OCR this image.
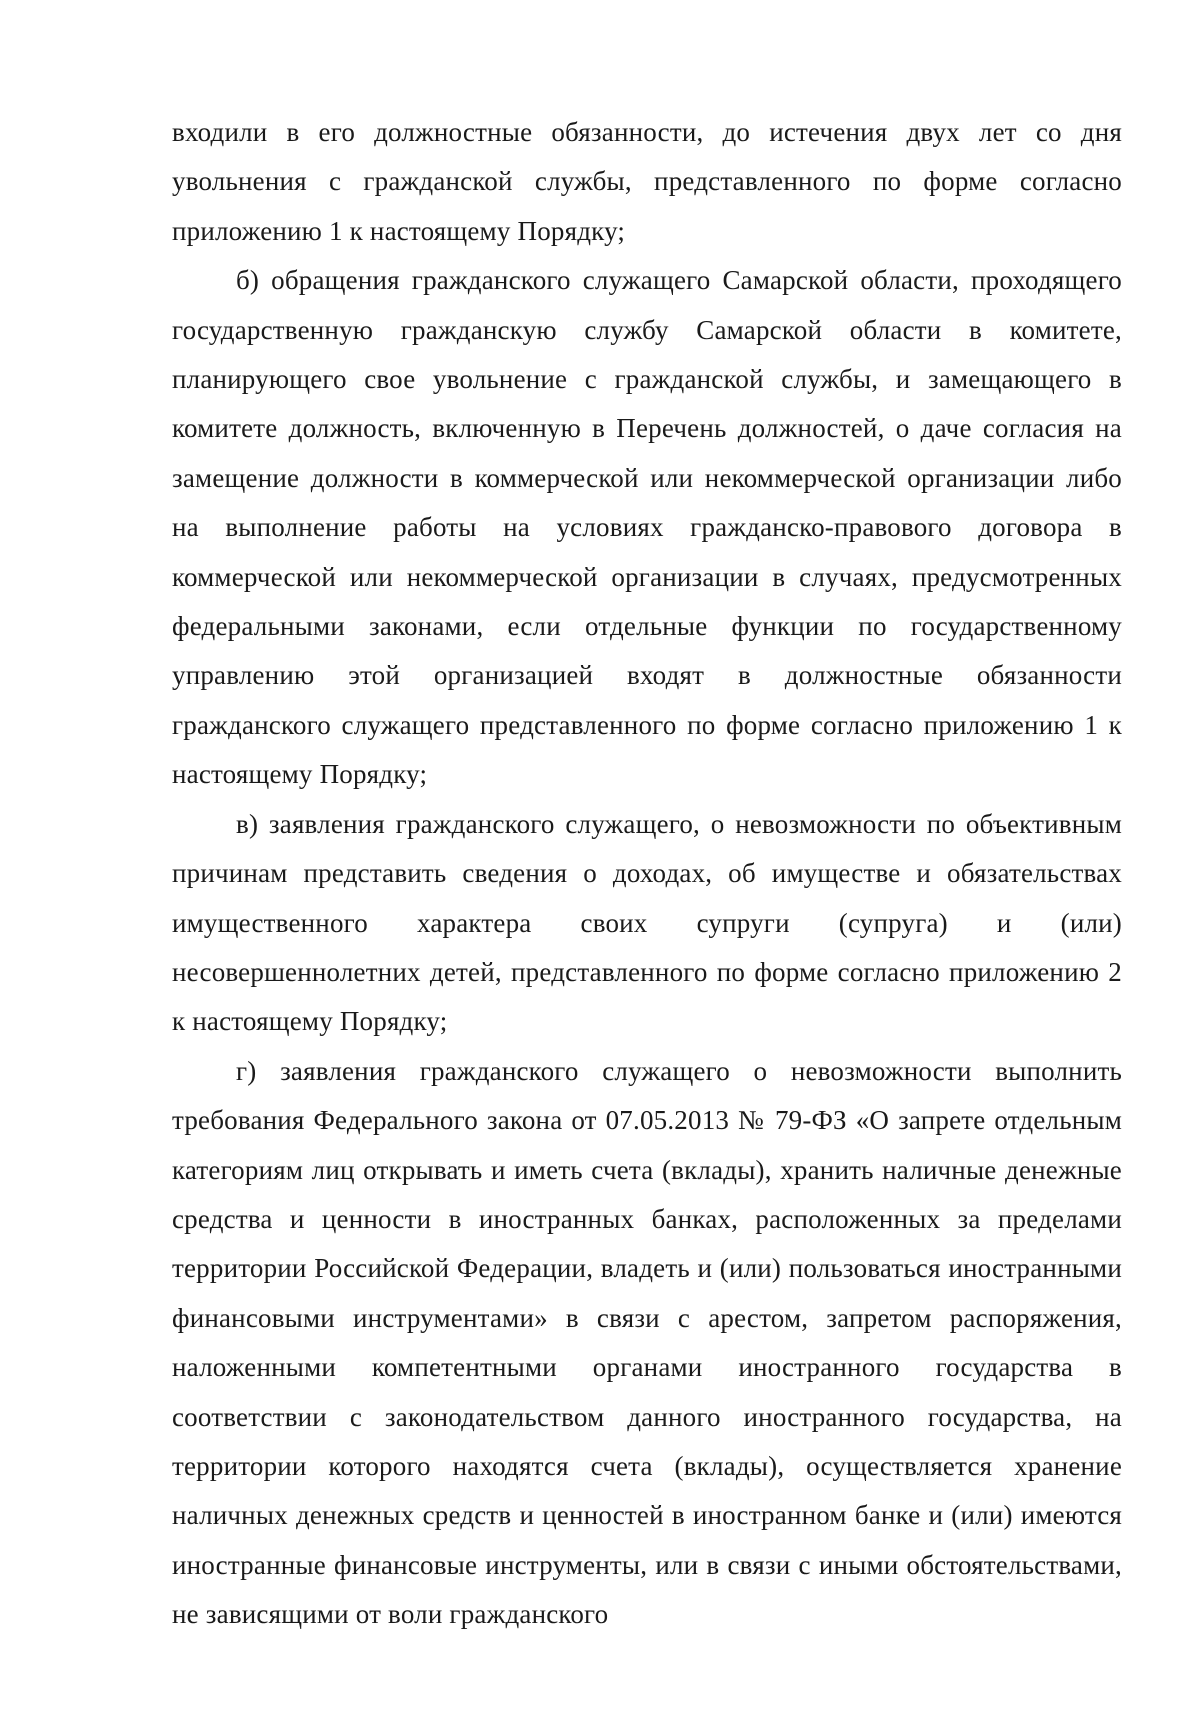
входили в его должностные обязанности, до истечения двух лет со дня увольнения с гражданской службы, представленного по форме согласно приложению 1 к настоящему Порядку;

б) обращения гражданского служащего Самарской области, проходящего государственную гражданскую службу Самарской области в комитете, планирующего свое увольнение с гражданской службы, и замещающего в комитете должность, включенную в Перечень должностей, о даче согласия на замещение должности в коммерческой или некоммерческой организации либо на выполнение работы на условиях гражданско-правового договора в коммерческой или некоммерческой организации в случаях, предусмотренных федеральными законами, если отдельные функции по государственному управлению этой организацией входят в должностные обязанности гражданского служащего представленного по форме согласно приложению 1 к настоящему Порядку;

в) заявления гражданского служащего, о невозможности по объективным причинам представить сведения о доходах, об имуществе и обязательствах имущественного характера своих супруги (супруга) и (или) несовершеннолетних детей, представленного по форме согласно приложению 2 к настоящему Порядку;

г) заявления гражданского служащего о невозможности выполнить требования Федерального закона от 07.05.2013 № 79-ФЗ «О запрете отдельным категориям лиц открывать и иметь счета (вклады), хранить наличные денежные средства и ценности в иностранных банках, расположенных за пределами территории Российской Федерации, владеть и (или) пользоваться иностранными финансовыми инструментами» в связи с арестом, запретом распоряжения, наложенными компетентными органами иностранного государства в соответствии с законодательством данного иностранного государства, на территории которого находятся счета (вклады), осуществляется хранение наличных денежных средств и ценностей в иностранном банке и (или) имеются иностранные финансовые инструменты, или в связи с иными обстоятельствами, не зависящими от воли гражданского
